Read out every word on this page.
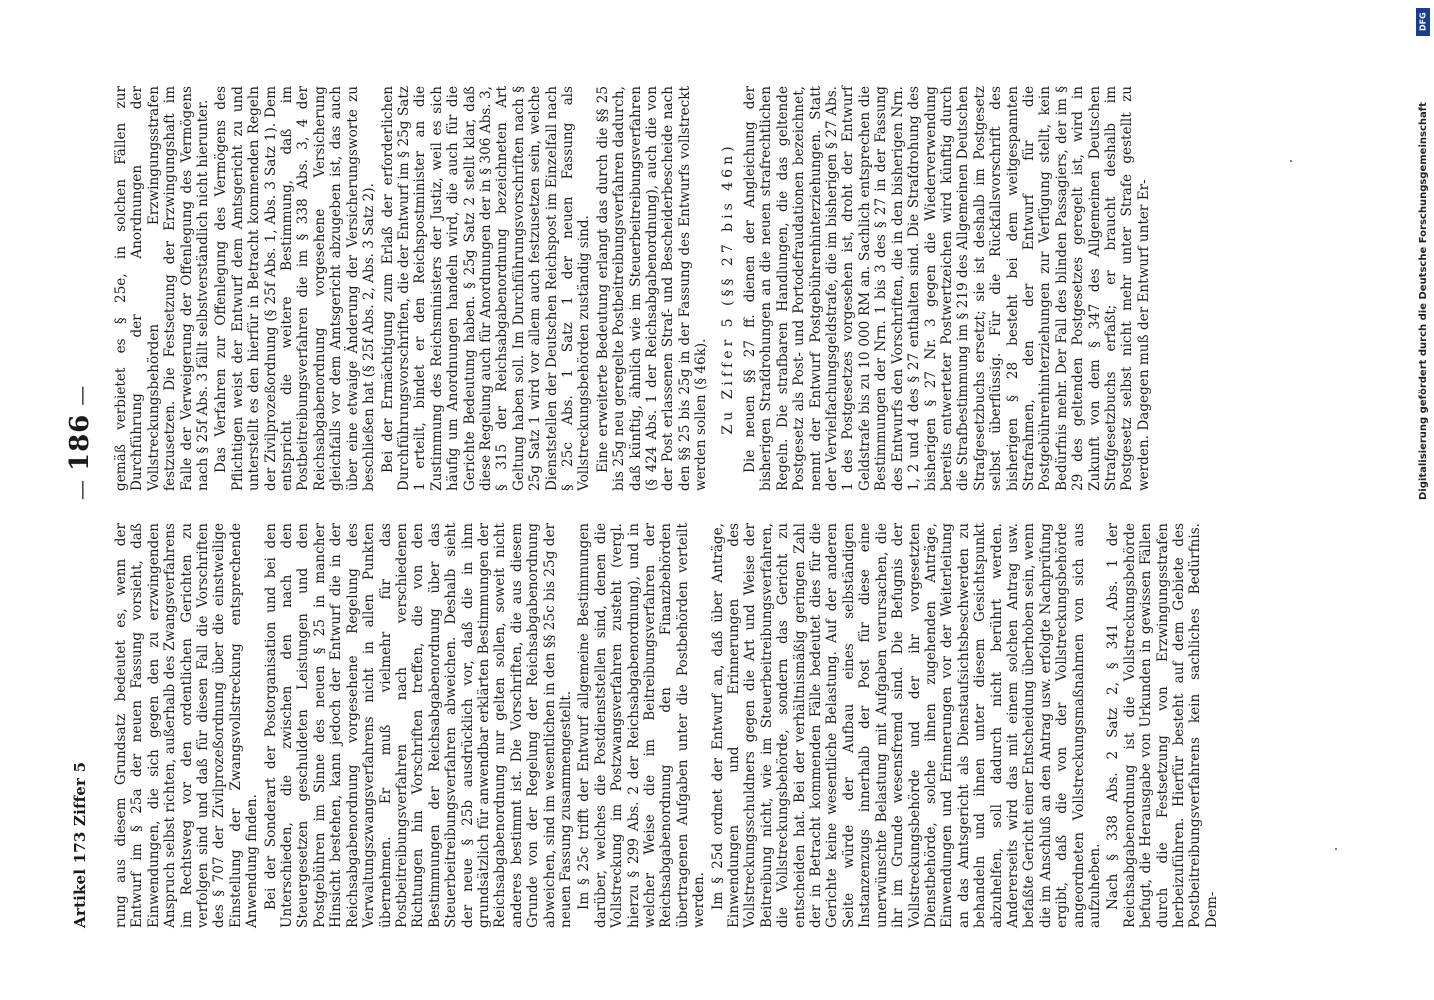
Artikel 173 Ziffer 5
—186—

rung aus diesem Grundsatz bedeutet es, wenn der Entwurf im § 25a der neuen Fassung vorsieht, daß Einwendungen, die sich gegen den zu erzwingenden Anspruch selbst richten, außerhalb des Zwangsverfahrens im Rechtsweg vor den ordentlichen Gerichten zu verfolgen sind und daß für diesen Fall die Vorschriften des § 707 der Zivilprozeßordnung über die einstweilige Einstellung der Zwangsvollstreckung entsprechende Anwendung finden. Bei der Sonderart der Postorganisation und bei den Unterschieden, die zwischen den nach den Steuergesetzen geschuldeten Leistungen und den Postgebühren im Sinne des neuen § 25 in mancher Hinsicht bestehen, kann jedoch der Entwurf die in der Reichsabgabenordnung vorgesehene Regelung des Verwaltungszwangsverfahrens nicht in allen Punkten übernehmen. Er muß vielmehr für das Postbeitreibungsverfahren nach verschiedenen Richtungen hin Vorschriften treffen, die von den Bestimmungen der Reichsabgabenordnung über das Steuerbeitreibungsverfahren abweichen. Deshalb sieht der neue § 25b ausdrücklich vor, daß die in ihm grundsätzlich für anwendbar erklärten Bestimmungen der Reichsabgabenordnung nur gelten sollen, soweit nicht anderes bestimmt ist. Die Vorschriften, die aus diesem Grunde von der Regelung der Reichsabgabenordnung abweichen, sind im wesentlichen in den §§ 25c bis 25g der neuen Fassung zusammengestellt. Im § 25c trifft der Entwurf allgemeine Bestimmungen darüber, welches die Postdienststellen sind, denen die Vollstreckung im Postzwangsverfahren zusteht (vergl. hierzu § 299 Abs. 2 der Reichsabgabenordnung), und in welcher Weise die im Beitreibungsverfahren der Reichsabgabenordnung den Finanzbehörden übertragenen Aufgaben unter die Postbehörden verteilt werden. Im § 25d ordnet der Entwurf an, daß über Anträge, Einwendungen und Erinnerungen des Vollstreckungsschuldners gegen die Art und Weise der Beitreibung nicht, wie im Steuerbeitreibungsverfahren, die Vollstreckungsbehörde, sondern das Gericht zu entscheiden hat. Bei der verhältnismäßig geringen Zahl der in Betracht kommenden Fälle bedeutet dies für die Gerichte keine wesentliche Belastung. Auf der anderen Seite würde der Aufbau eines selbständigen Instanzenzugs innerhalb der Post für diese eine unerwünschte Belastung mit Aufgaben verursachen, die ihr im Grunde wesensfremd sind. Die Befugnis der Vollstreckungsbehörde und der ihr vorgesetzten Dienstbehörde, solche ihnen zugehenden Anträge, Einwendungen und Erinnerungen vor der Weiterleitung an das Amtsgericht als Dienstaufsichtsbeschwerden zu behandeln und ihnen unter diesem Gesichtspunkt abzuhelfen, soll dadurch nicht berührt werden. Andererseits wird das mit einem solchen Antrag usw. befaßte Gericht einer Entscheidung überhoben sein, wenn die im Anschluß an den Antrag usw. erfolgte Nachprüfung ergibt, daß die von der Vollstreckungsbehörde angeordneten Vollstreckungsmaßnahmen von sich aus aufzuheben. Nach § 338 Abs. 2 Satz 2, § 341 Abs. 1 der Reichsabgabenordnung ist die Vollstreckungsbehörde befugt, die Herausgabe von Urkunden in gewissen Fällen durch die Festsetzung von Erzwingungsstrafen herbeizuführen. Hierfür besteht auf dem Gebiete des Postbeitreibungsverfahrens kein sachliches Bedürfnis. Dem-

gemäß verbietet es § 25e, in solchen Fällen zur Durchführung der Anordnungen der Vollstreckungsbehörden Erzwingungsstrafen festzusetzen. Die Festsetzung der Erzwingungshaft im Falle der Verweigerung der Offenlegung des Vermögens nach § 25f Abs. 3 fällt selbstverständlich nicht hierunter. Das Verfahren zur Offenlegung des Vermögens des Pflichtigen weist der Entwurf dem Amtsgericht zu und unterstellt es den hierfür in Betracht kommenden Regeln der Zivilprozeßordnung (§ 25f Abs. 1, Abs. 3 Satz 1). Dem entspricht die weitere Bestimmung, daß im Postbeitreibungsverfahren die im § 338 Abs. 3, 4 der Reichsabgabenordnung vorgesehene Versicherung gleichfalls vor dem Amtsgericht abzugeben ist, das auch über eine etwaige Änderung der Versicherungsworte zu beschließen hat (§ 25f Abs. 2, Abs. 3 Satz 2). Bei der Ermächtigung zum Erlaß der erforderlichen Durchführungsvorschriften, die der Entwurf im § 25g Satz 1 erteilt, bindet er den Reichspostminister an die Zustimmung des Reichsministers der Justiz, weil es sich häufig um Anordnungen handeln wird, die auch für die Gerichte Bedeutung haben. § 25g Satz 2 stellt klar, daß diese Regelung auch für Anordnungen der in § 306 Abs. 3, § 315 der Reichsabgabenordnung bezeichneten Art Geltung haben soll. Im Durchführungsvorschriften nach § 25g Satz 1 wird vor allem auch festzusetzen sein, welche Dienststellen der Deutschen Reichspost im Einzelfall nach § 25c Abs. 1 Satz 1 der neuen Fassung als Vollstreckungsbehörden zuständig sind. Eine erweiterte Bedeutung erlangt das durch die §§ 25 bis 25g neu geregelte Postbeitreibungsverfahren dadurch, daß künftig, ähnlich wie im Steuerbeitreibungsverfahren (§ 424 Abs. 1 der Reichsabgabenordnung), auch die von der Post erlassenen Straf- und Bescheiderbescheide nach den §§ 25 bis 25g in der Fassung des Entwurfs vollstreckt werden sollen (§ 46k). Zu Ziffer 5 (§§ 27 bis 46n) Die neuen §§ 27 ff. dienen der Angleichung der bisherigen Strafdrohungen an die neuen strafrechtlichen Regeln. Die strafbaren Handlungen, die das geltende Postgesetz als Post- und Portodefraudationen bezeichnet, nennt der Entwurf Postgebührenhinterziehungen. Statt der Vervielfachungsgeldstrafe, die im bisherigen § 27 Abs. 1 des Postgesetzes vorgesehen ist, droht der Entwurf Geldstrafe bis zu 10 000 RM an. Sachlich entsprechen die Bestimmungen der Nrn. 1 bis 3 des § 27 in der Fassung des Entwurfs den Vorschriften, die in den bisherigen Nrn. 1, 2 und 4 des § 27 enthalten sind. Die Strafdrohung des bisherigen § 27 Nr. 3 gegen die Wiederverwendung bereits entwerteter Postwertzeichen wird künftig durch die Strafbestimmung im § 219 des Allgemeinen Deutschen Strafgesetzbuchs ersetzt; sie ist deshalb im Postgesetz selbst überflüssig. Für die Rückfallsvorschrift des bisherigen § 28 besteht bei dem weitgespannten Strafrahmen, den der Entwurf für die Postgebührenhinterziehungen zur Verfügung stellt, kein Bedürfnis mehr. Der Fall des blinden Passagiers, der im § 29 des geltenden Postgesetzes geregelt ist, wird in Zukunft von dem § 347 des Allgemeinen Deutschen Strafgesetzbuchs erfaßt; er braucht deshalb im Postgesetz selbst nicht mehr unter Strafe gestellt zu werden. Dagegen muß der Entwurf unter Er-	Digitalisierung gefördert durch die Deutsche Forschungsgemeinschaft
DFG
